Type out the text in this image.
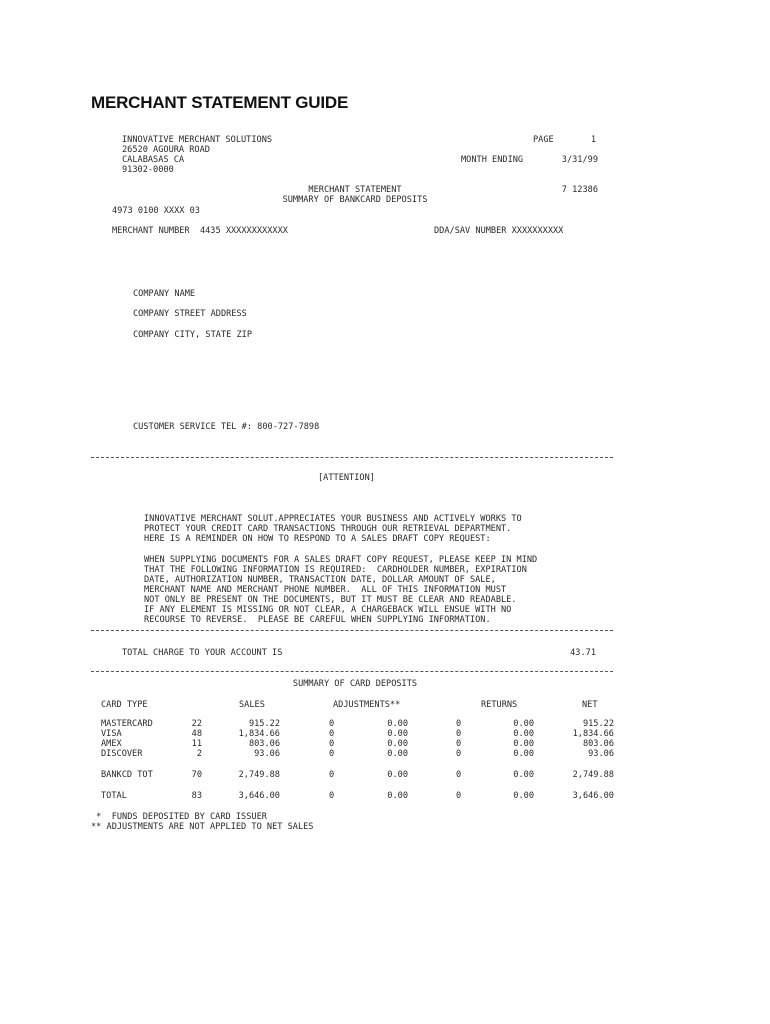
MERCHANT STATEMENT GUIDE
INNOVATIVE MERCHANT SOLUTIONS
26520 AGOURA ROAD
CALABASAS CA
91302-0000
PAGE	1
MONTH ENDING	3/31/99
MERCHANT STATEMENT
SUMMARY OF BANKCARD DEPOSITS
7 12386
4973 0100 XXXX 03
MERCHANT NUMBER  4435 XXXXXXXXXXXX	DDA/SAV NUMBER XXXXXXXXXX
COMPANY NAME
COMPANY STREET ADDRESS
COMPANY CITY, STATE ZIP
CUSTOMER SERVICE TEL #: 800-727-7898
[ATTENTION]

INNOVATIVE MERCHANT SOLUT.APPRECIATES YOUR BUSINESS AND ACTIVELY WORKS TO
PROTECT YOUR CREDIT CARD TRANSACTIONS THROUGH OUR RETRIEVAL DEPARTMENT.
HERE IS A REMINDER ON HOW TO RESPOND TO A SALES DRAFT COPY REQUEST:

WHEN SUPPLYING DOCUMENTS FOR A SALES DRAFT COPY REQUEST, PLEASE KEEP IN MIND
THAT THE FOLLOWING INFORMATION IS REQUIRED:  CARDHOLDER NUMBER, EXPIRATION
DATE, AUTHORIZATION NUMBER, TRANSACTION DATE, DOLLAR AMOUNT OF SALE,
MERCHANT NAME AND MERCHANT PHONE NUMBER.  ALL OF THIS INFORMATION MUST
NOT ONLY BE PRESENT ON THE DOCUMENTS, BUT IT MUST BE CLEAR AND READABLE.
IF ANY ELEMENT IS MISSING OR NOT CLEAR, A CHARGEBACK WILL ENSUE WITH NO
RECOURSE TO REVERSE.  PLEASE BE CAREFUL WHEN SUPPLYING INFORMATION.
TOTAL CHARGE TO YOUR ACCOUNT IS	43.71
SUMMARY OF CARD DEPOSITS
CARD TYPE	SALES	ADJUSTMENTS**	RETURNS	NET
MASTERCARD	22	915.22	0	0.00	0	0.00	915.22
VISA	48	1,834.66	0	0.00	0	0.00	1,834.66
AMEX	11	803.06	0	0.00	0	0.00	803.06
DISCOVER	2	93.06	0	0.00	0	0.00	93.06
BANKCD TOT	70	2,749.88	0	0.00	0	0.00	2,749.88
TOTAL	83	3,646.00	0	0.00	0	0.00	3,646.00
*  FUNDS DEPOSITED BY CARD ISSUER
** ADJUSTMENTS ARE NOT APPLIED TO NET SALES
